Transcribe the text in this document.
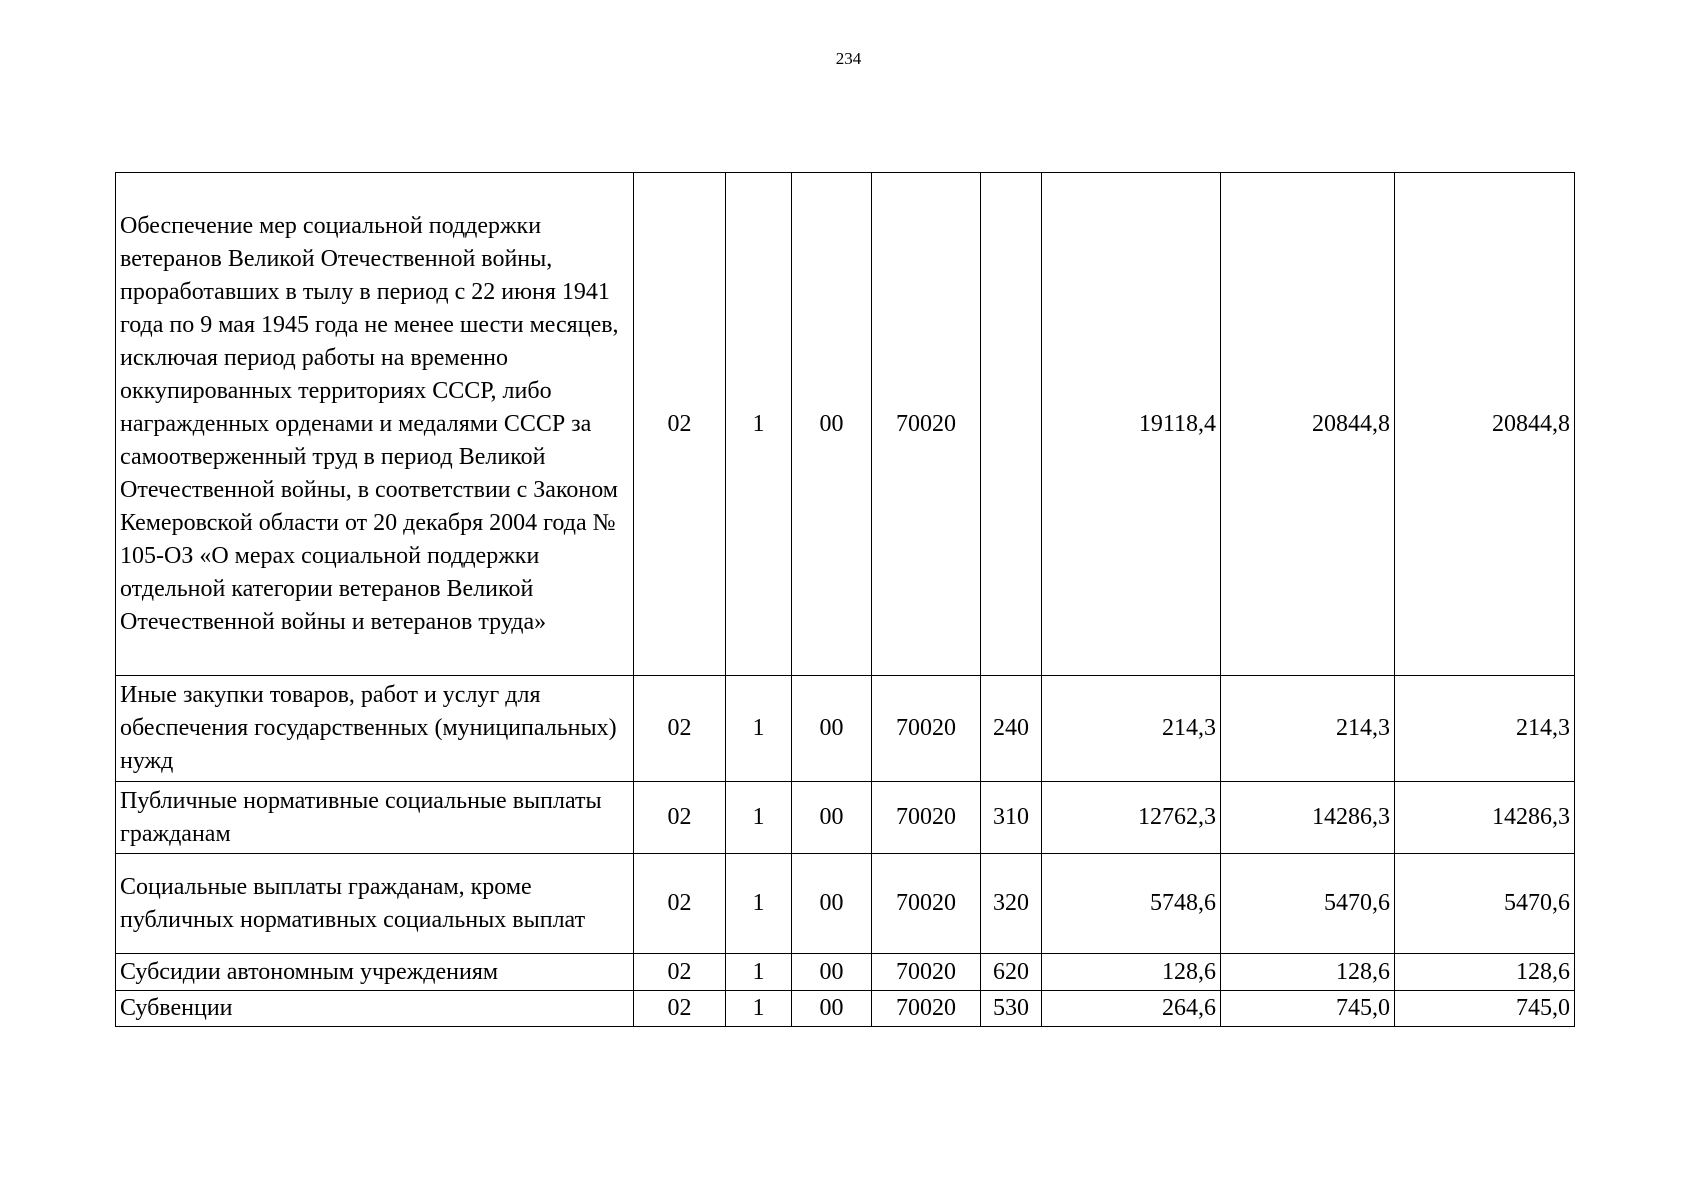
234
Обеспечение мер социальной поддержки ветеранов Великой Отечественной войны, проработавших в тылу в период с 22 июня 1941 года по 9 мая 1945 года не менее шести месяцев, исключая период работы на временно оккупированных территориях СССР, либо награжденных орденами и медалями СССР за самоотверженный труд в период Великой Отечественной войны, в соответствии с Законом Кемеровской области от 20 декабря 2004 года № 105-ОЗ «О мерах социальной поддержки отдельной категории ветеранов Великой Отечественной войны и ветеранов труда»	02	1	00	70020		19118,4	20844,8	20844,8
Иные закупки товаров, работ и услуг для обеспечения государственных (муниципальных) нужд	02	1	00	70020	240	214,3	214,3	214,3
Публичные нормативные социальные выплаты гражданам	02	1	00	70020	310	12762,3	14286,3	14286,3
Социальные выплаты гражданам, кроме публичных нормативных социальных выплат	02	1	00	70020	320	5748,6	5470,6	5470,6
Субсидии автономным учреждениям	02	1	00	70020	620	128,6	128,6	128,6
Субвенции	02	1	00	70020	530	264,6	745,0	745,0
